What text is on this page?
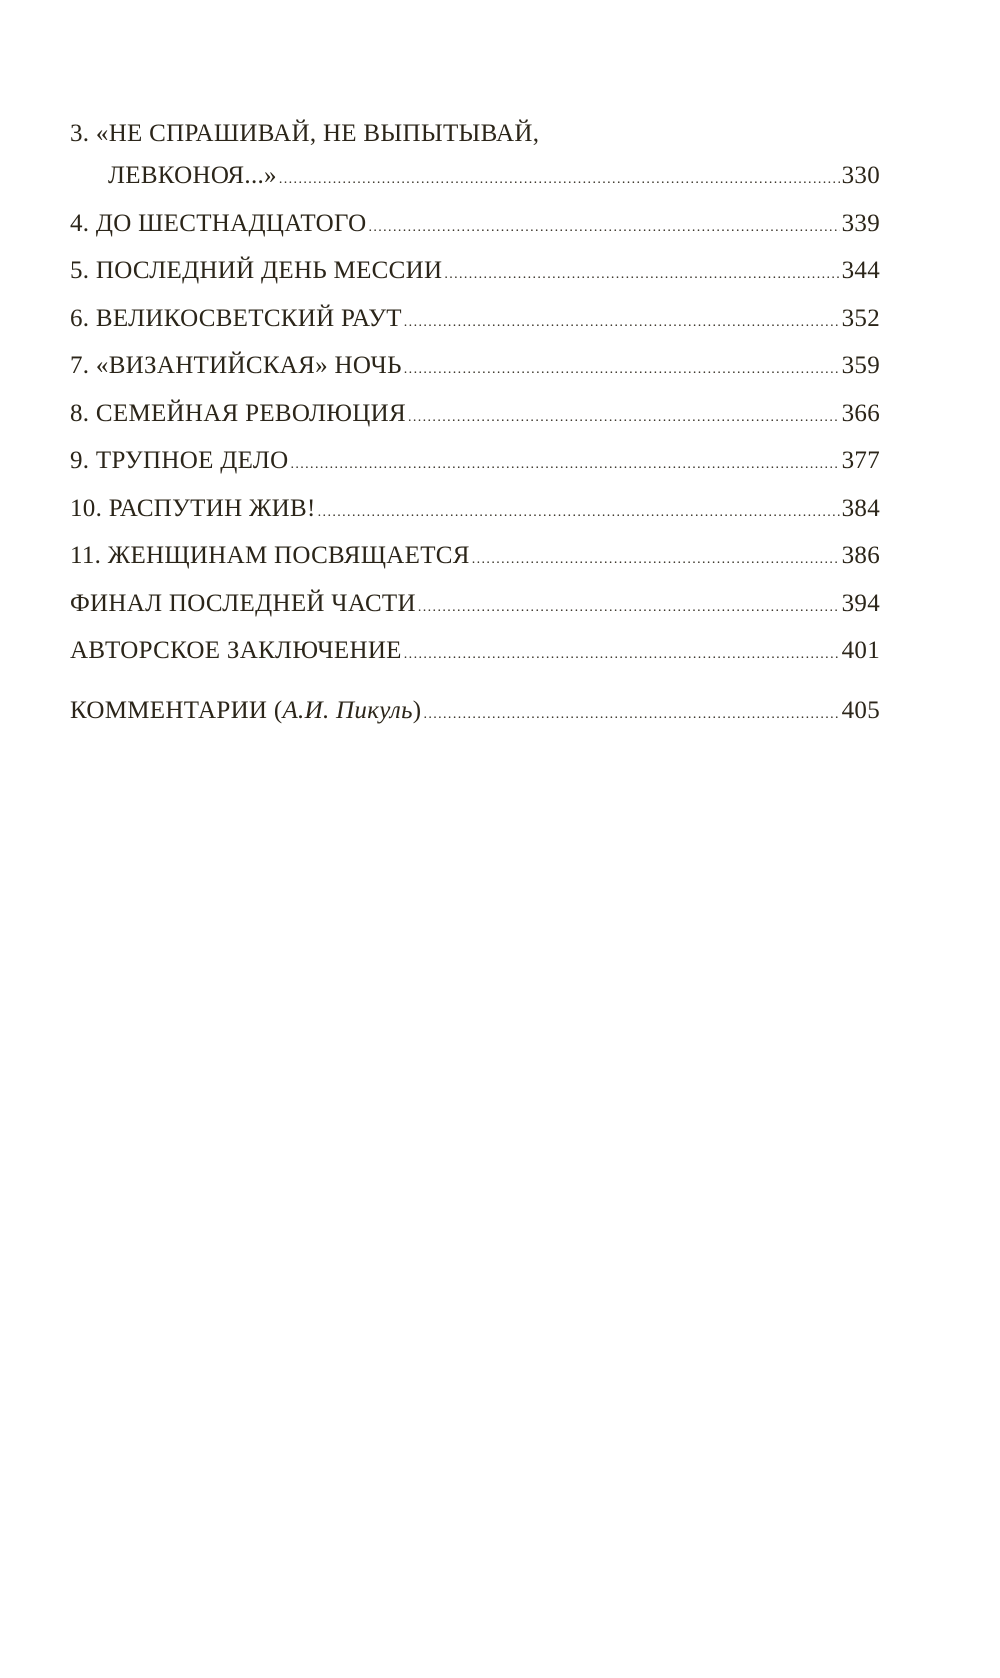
3. «НЕ СПРАШИВАЙ, НЕ ВЫПЫТЫВАЙ,
ЛЕВКОНОЯ...» .....	330
4. ДО ШЕСТНАДЦАТОГО .....	339
5. ПОСЛЕДНИЙ ДЕНЬ МЕССИИ .....	344
6. ВЕЛИКОСВЕТСКИЙ РАУТ .....	352
7. «ВИЗАНТИЙСКАЯ» НОЧЬ .....	359
8. СЕМЕЙНАЯ РЕВОЛЮЦИЯ .....	366
9. ТРУПНОЕ ДЕЛО .....	377
10. РАСПУТИН ЖИВ! .....	384
11. ЖЕНЩИНАМ ПОСВЯЩАЕТСЯ .....	386
ФИНАЛ ПОСЛЕДНЕЙ ЧАСТИ .....	394
АВТОРСКОЕ ЗАКЛЮЧЕНИЕ .....	401
КОММЕНТАРИИ (А.И. Пикуль) .....	405
